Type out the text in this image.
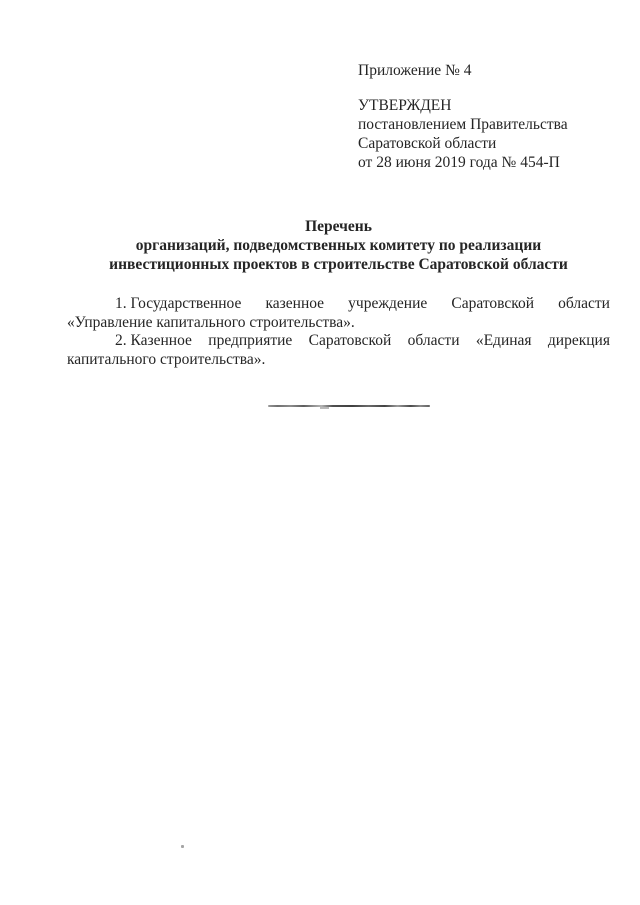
Приложение № 4
УТВЕРЖДЕН
постановлением Правительства
Саратовской области
от 28 июня 2019 года № 454-П
Перечень
организаций, подведомственных комитету по реализации
инвестиционных проектов в строительстве Саратовской области
1. Государственное казенное учреждение Саратовской области
«Управление капитального строительства».
2. Казенное предприятие Саратовской области «Единая дирекция
капитального строительства».
